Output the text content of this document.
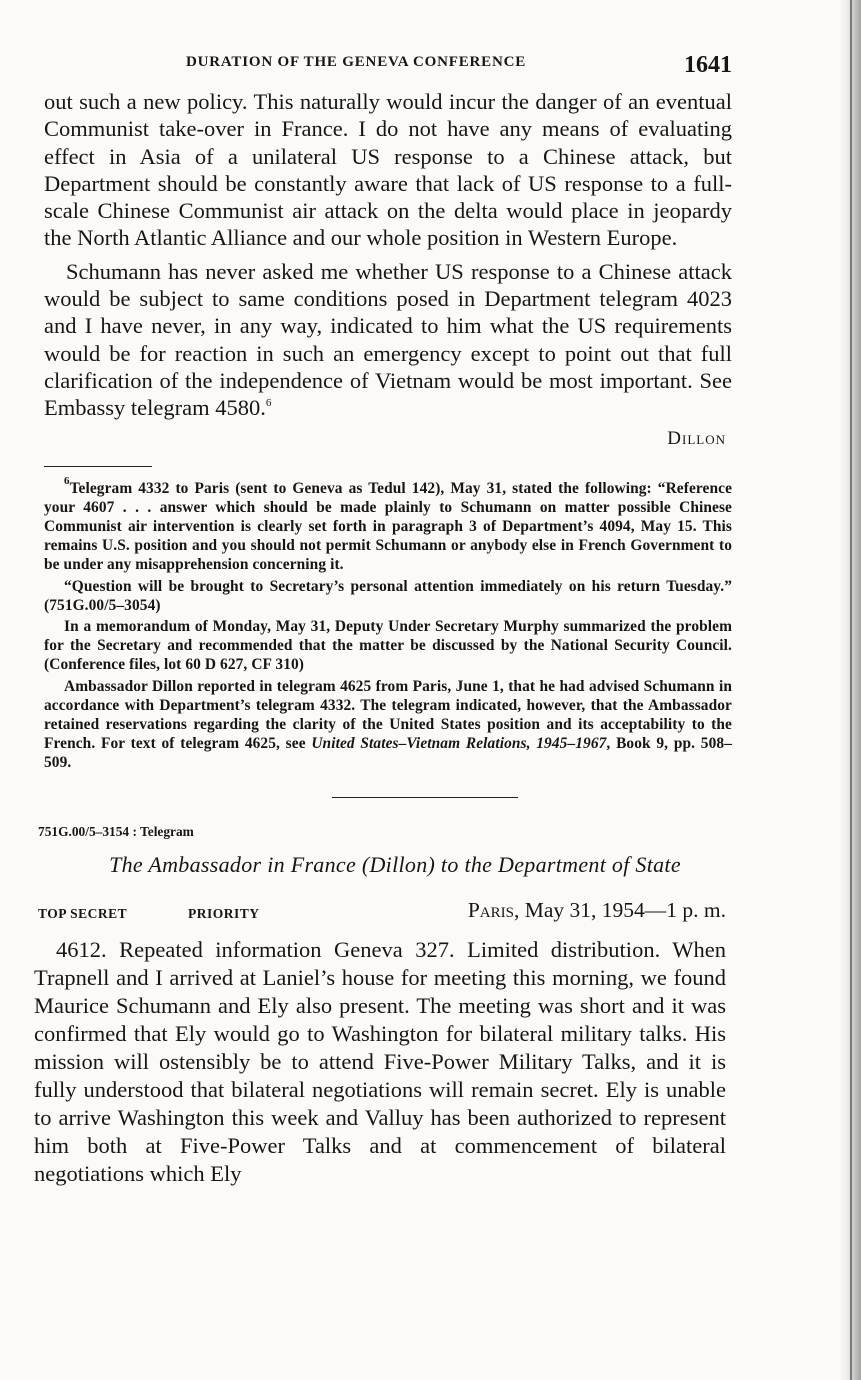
DURATION OF THE GENEVA CONFERENCE	1641

out such a new policy. This naturally would incur the danger of an eventual Communist take-over in France. I do not have any means of evaluating effect in Asia of a unilateral US response to a Chinese attack, but Department should be constantly aware that lack of US response to a full-scale Chinese Communist air attack on the delta would place in jeopardy the North Atlantic Alliance and our whole position in Western Europe.

Schumann has never asked me whether US response to a Chinese attack would be subject to same conditions posed in Department telegram 4023 and I have never, in any way, indicated to him what the US requirements would be for reaction in such an emergency except to point out that full clarification of the independence of Vietnam would be most important. See Embassy telegram 4580.$^6$

Dillon

$^6$Telegram 4332 to Paris (sent to Geneva as Tedul 142), May 31, stated the following: “Reference your 4607 . . . answer which should be made plainly to Schumann on matter possible Chinese Communist air intervention is clearly set forth in paragraph 3 of Department’s 4094, May 15. This remains U.S. position and you should not permit Schumann or anybody else in French Government to be under any misapprehension concerning it.

“Question will be brought to Secretary’s personal attention immediately on his return Tuesday.” (751G.00/5–3054)

In a memorandum of Monday, May 31, Deputy Under Secretary Murphy summarized the problem for the Secretary and recommended that the matter be discussed by the National Security Council. (Conference files, lot 60 D 627, CF 310)

Ambassador Dillon reported in telegram 4625 from Paris, June 1, that he had advised Schumann in accordance with Department’s telegram 4332. The telegram indicated, however, that the Ambassador retained reservations regarding the clarity of the United States position and its acceptability to the French. For text of telegram 4625, see United States–Vietnam Relations, 1945–1967, Book 9, pp. 508–509.

751G.00/5–3154 : Telegram
The Ambassador in France (Dillon) to the Department of State
TOP SECRET	PRIORITY	Paris, May 31, 1954—1 p. m.

4612. Repeated information Geneva 327. Limited distribution. When Trapnell and I arrived at Laniel’s house for meeting this morning, we found Maurice Schumann and Ely also present. The meeting was short and it was confirmed that Ely would go to Washington for bilateral military talks. His mission will ostensibly be to attend Five-Power Military Talks, and it is fully understood that bilateral negotiations will remain secret. Ely is unable to arrive Washington this week and Valluy has been authorized to represent him both at Five-Power Talks and at commencement of bilateral negotiations which Ely
